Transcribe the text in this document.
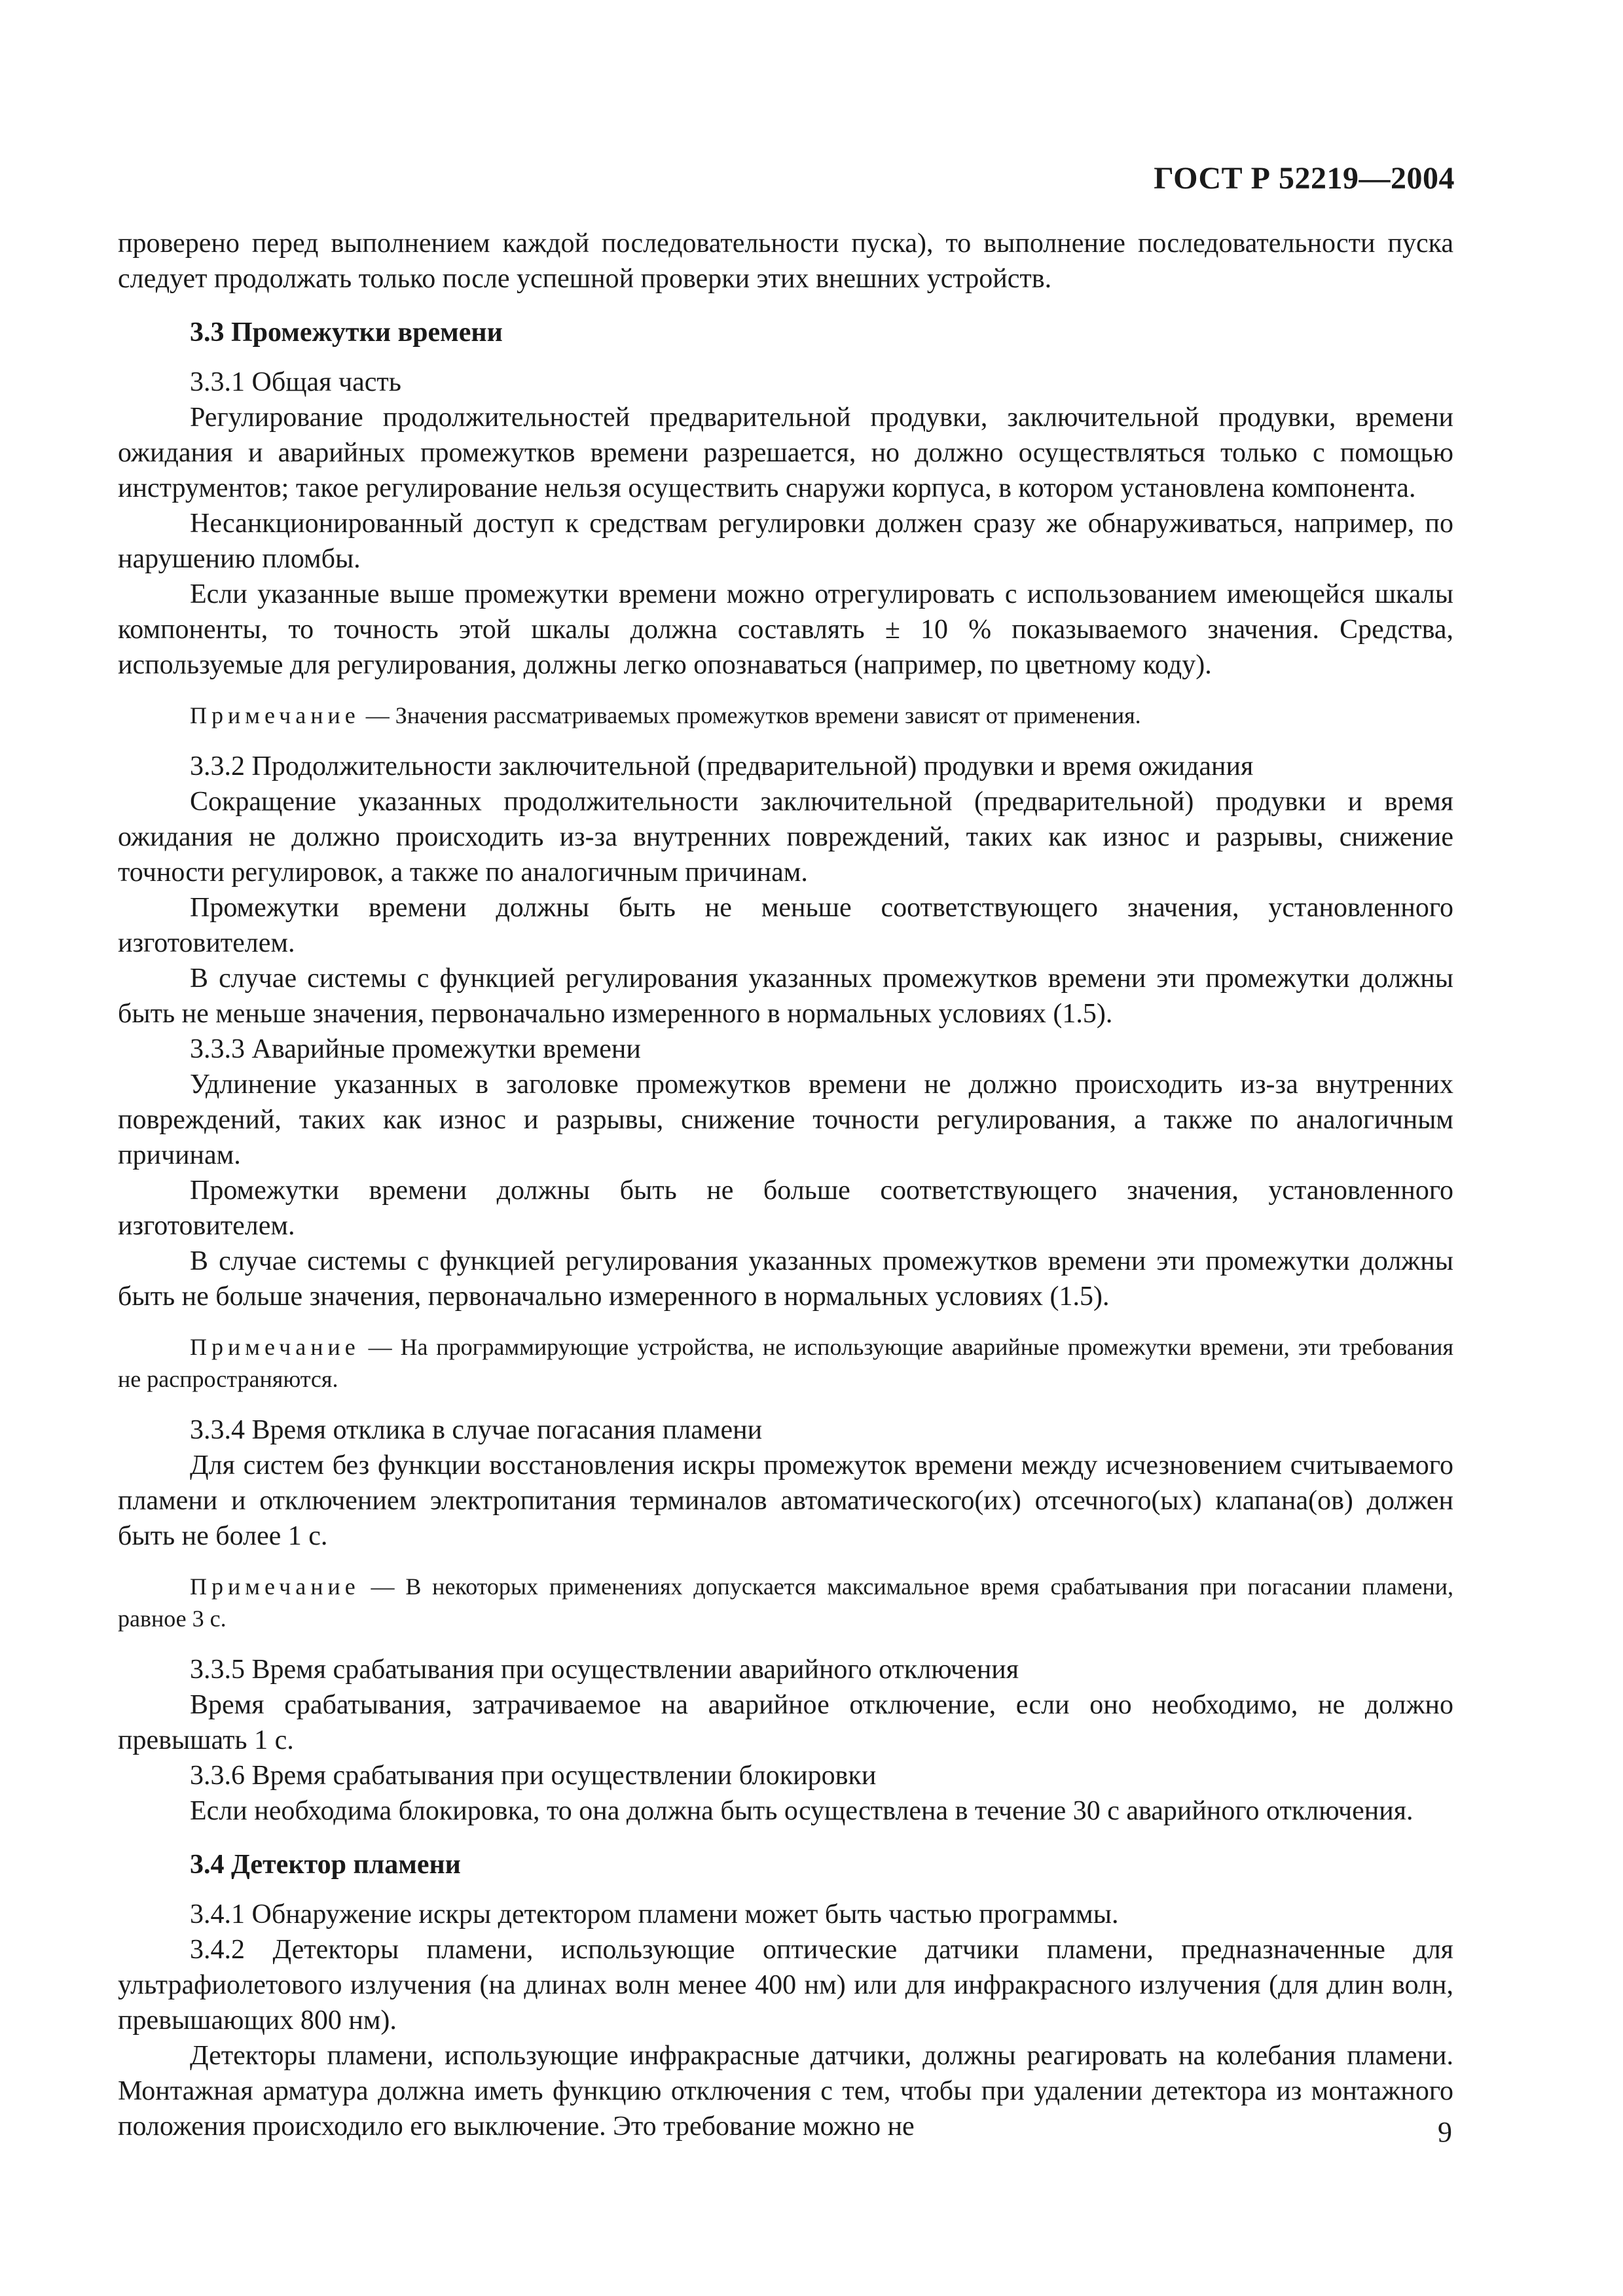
ГОСТ Р 52219—2004

проверено перед выполнением каждой последовательности пуска), то выполнение последовательности пуска следует продолжать только после успешной проверки этих внешних устройств.

3.3 Промежутки времени

3.3.1 Общая часть

Регулирование продолжительностей предварительной продувки, заключительной продувки, времени ожидания и аварийных промежутков времени разрешается, но должно осуществляться только с помощью инструментов; такое регулирование нельзя осуществить снаружи корпуса, в котором установлена компонента.

Несанкционированный доступ к средствам регулировки должен сразу же обнаруживаться, например, по нарушению пломбы.

Если указанные выше промежутки времени можно отрегулировать с использованием имеющейся шкалы компоненты, то точность этой шкалы должна составлять ± 10 % показываемого значения. Средства, используемые для регулирования, должны легко опознаваться (например, по цветному коду).

Примечание — Значения рассматриваемых промежутков времени зависят от применения.

3.3.2 Продолжительности заключительной (предварительной) продувки и время ожидания

Сокращение указанных продолжительности заключительной (предварительной) продувки и время ожидания не должно происходить из-за внутренних повреждений, таких как износ и разрывы, снижение точности регулировок, а также по аналогичным причинам.

Промежутки времени должны быть не меньше соответствующего значения, установленного изготовителем.

В случае системы с функцией регулирования указанных промежутков времени эти промежутки должны быть не меньше значения, первоначально измеренного в нормальных условиях (1.5).

3.3.3 Аварийные промежутки времени

Удлинение указанных в заголовке промежутков времени не должно происходить из-за внутренних повреждений, таких как износ и разрывы, снижение точности регулирования, а также по аналогичным причинам.

Промежутки времени должны быть не больше соответствующего значения, установленного изготовителем.

В случае системы с функцией регулирования указанных промежутков времени эти промежутки должны быть не больше значения, первоначально измеренного в нормальных условиях (1.5).

Примечание — На программирующие устройства, не использующие аварийные промежутки времени, эти требования не распространяются.

3.3.4 Время отклика в случае погасания пламени

Для систем без функции восстановления искры промежуток времени между исчезновением считываемого пламени и отключением электропитания терминалов автоматического(их) отсечного(ых) клапана(ов) должен быть не более 1 с.

Примечание — В некоторых применениях допускается максимальное время срабатывания при погасании пламени, равное 3 с.

3.3.5 Время срабатывания при осуществлении аварийного отключения

Время срабатывания, затрачиваемое на аварийное отключение, если оно необходимо, не должно превышать 1 с.

3.3.6 Время срабатывания при осуществлении блокировки

Если необходима блокировка, то она должна быть осуществлена в течение 30 с аварийного отключения.

3.4 Детектор пламени

3.4.1 Обнаружение искры детектором пламени может быть частью программы.

3.4.2 Детекторы пламени, использующие оптические датчики пламени, предназначенные для ультрафиолетового излучения (на длинах волн менее 400 нм) или для инфракрасного излучения (для длин волн, превышающих 800 нм).

Детекторы пламени, использующие инфракрасные датчики, должны реагировать на колебания пламени. Монтажная арматура должна иметь функцию отключения с тем, чтобы при удалении детектора из монтажного положения происходило его выключение. Это требование можно не	9
